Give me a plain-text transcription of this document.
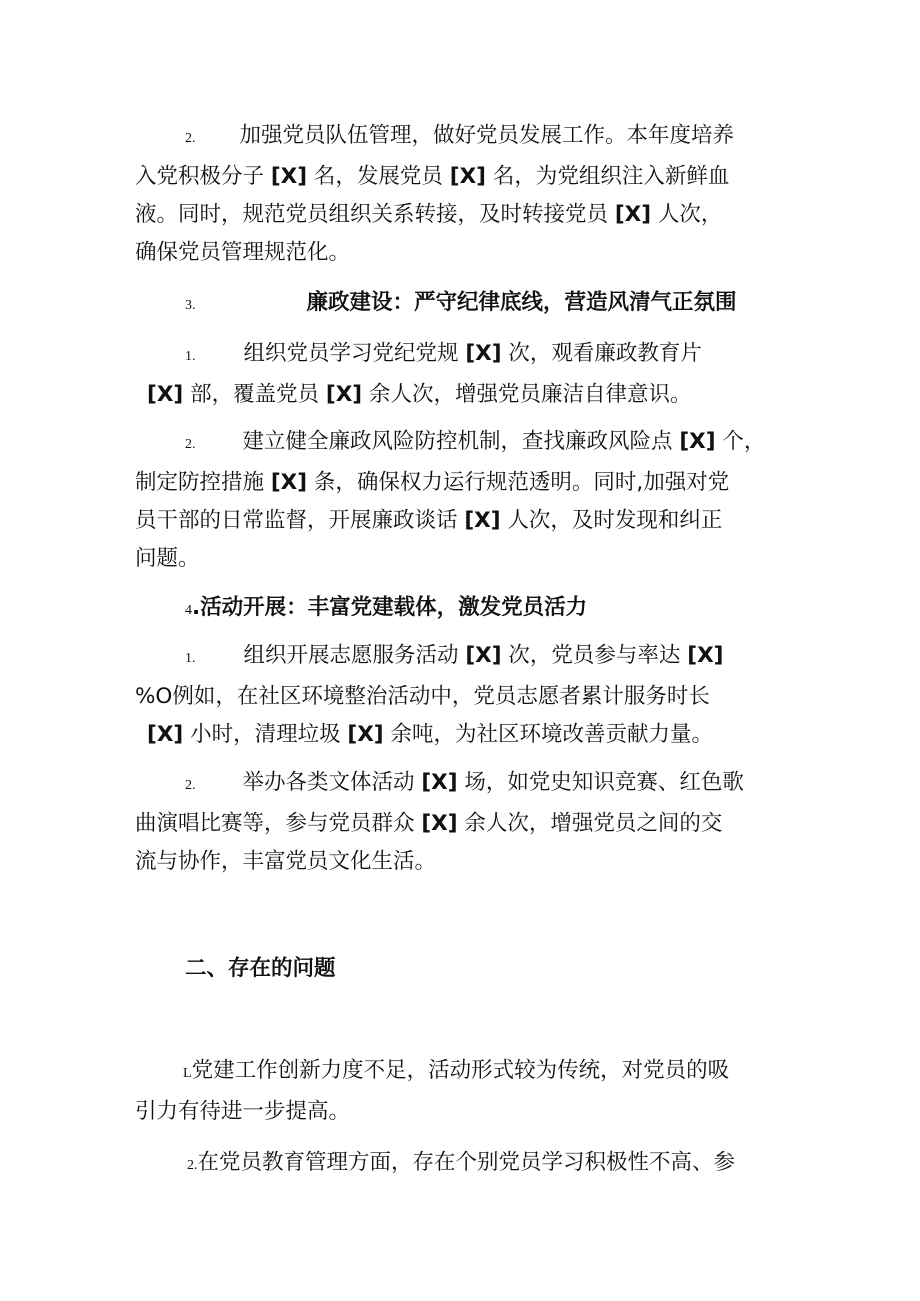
2. 加强党员队伍管理，做好党员发展工作。本年度培养
入党积极分子 [X] 名，发展党员 [X] 名，为党组织注入新鲜血
液。同时，规范党员组织关系转接，及时转接党员 [X] 人次，
确保党员管理规范化。
3.	廉政建设：严守纪律底线，营造风清气正氛围
1. 组织党员学习党纪党规 [X] 次，观看廉政教育片
[X] 部，覆盖党员 [X] 余人次，增强党员廉洁自律意识。
2. 建立健全廉政风险防控机制，查找廉政风险点 [X] 个，
制定防控措施 [X] 条，确保权力运行规范透明。同时,加强对党
员干部的日常监督，开展廉政谈话 [X] 人次，及时发现和纠正
问题。
4.活动开展：丰富党建载体，激发党员活力
1. 组织开展志愿服务活动 [X] 次，党员参与率达 [X]
%O例如，在社区环境整治活动中，党员志愿者累计服务时长
[X] 小时，清理垃圾 [X] 余吨，为社区环境改善贡献力量。
2. 举办各类文体活动 [X] 场，如党史知识竞赛、红色歌
曲演唱比赛等，参与党员群众 [X] 余人次，增强党员之间的交
流与协作，丰富党员文化生活。
二、存在的问题
L党建工作创新力度不足，活动形式较为传统，对党员的吸
引力有待进一步提高。
2.在党员教育管理方面，存在个别党员学习积极性不高、参
